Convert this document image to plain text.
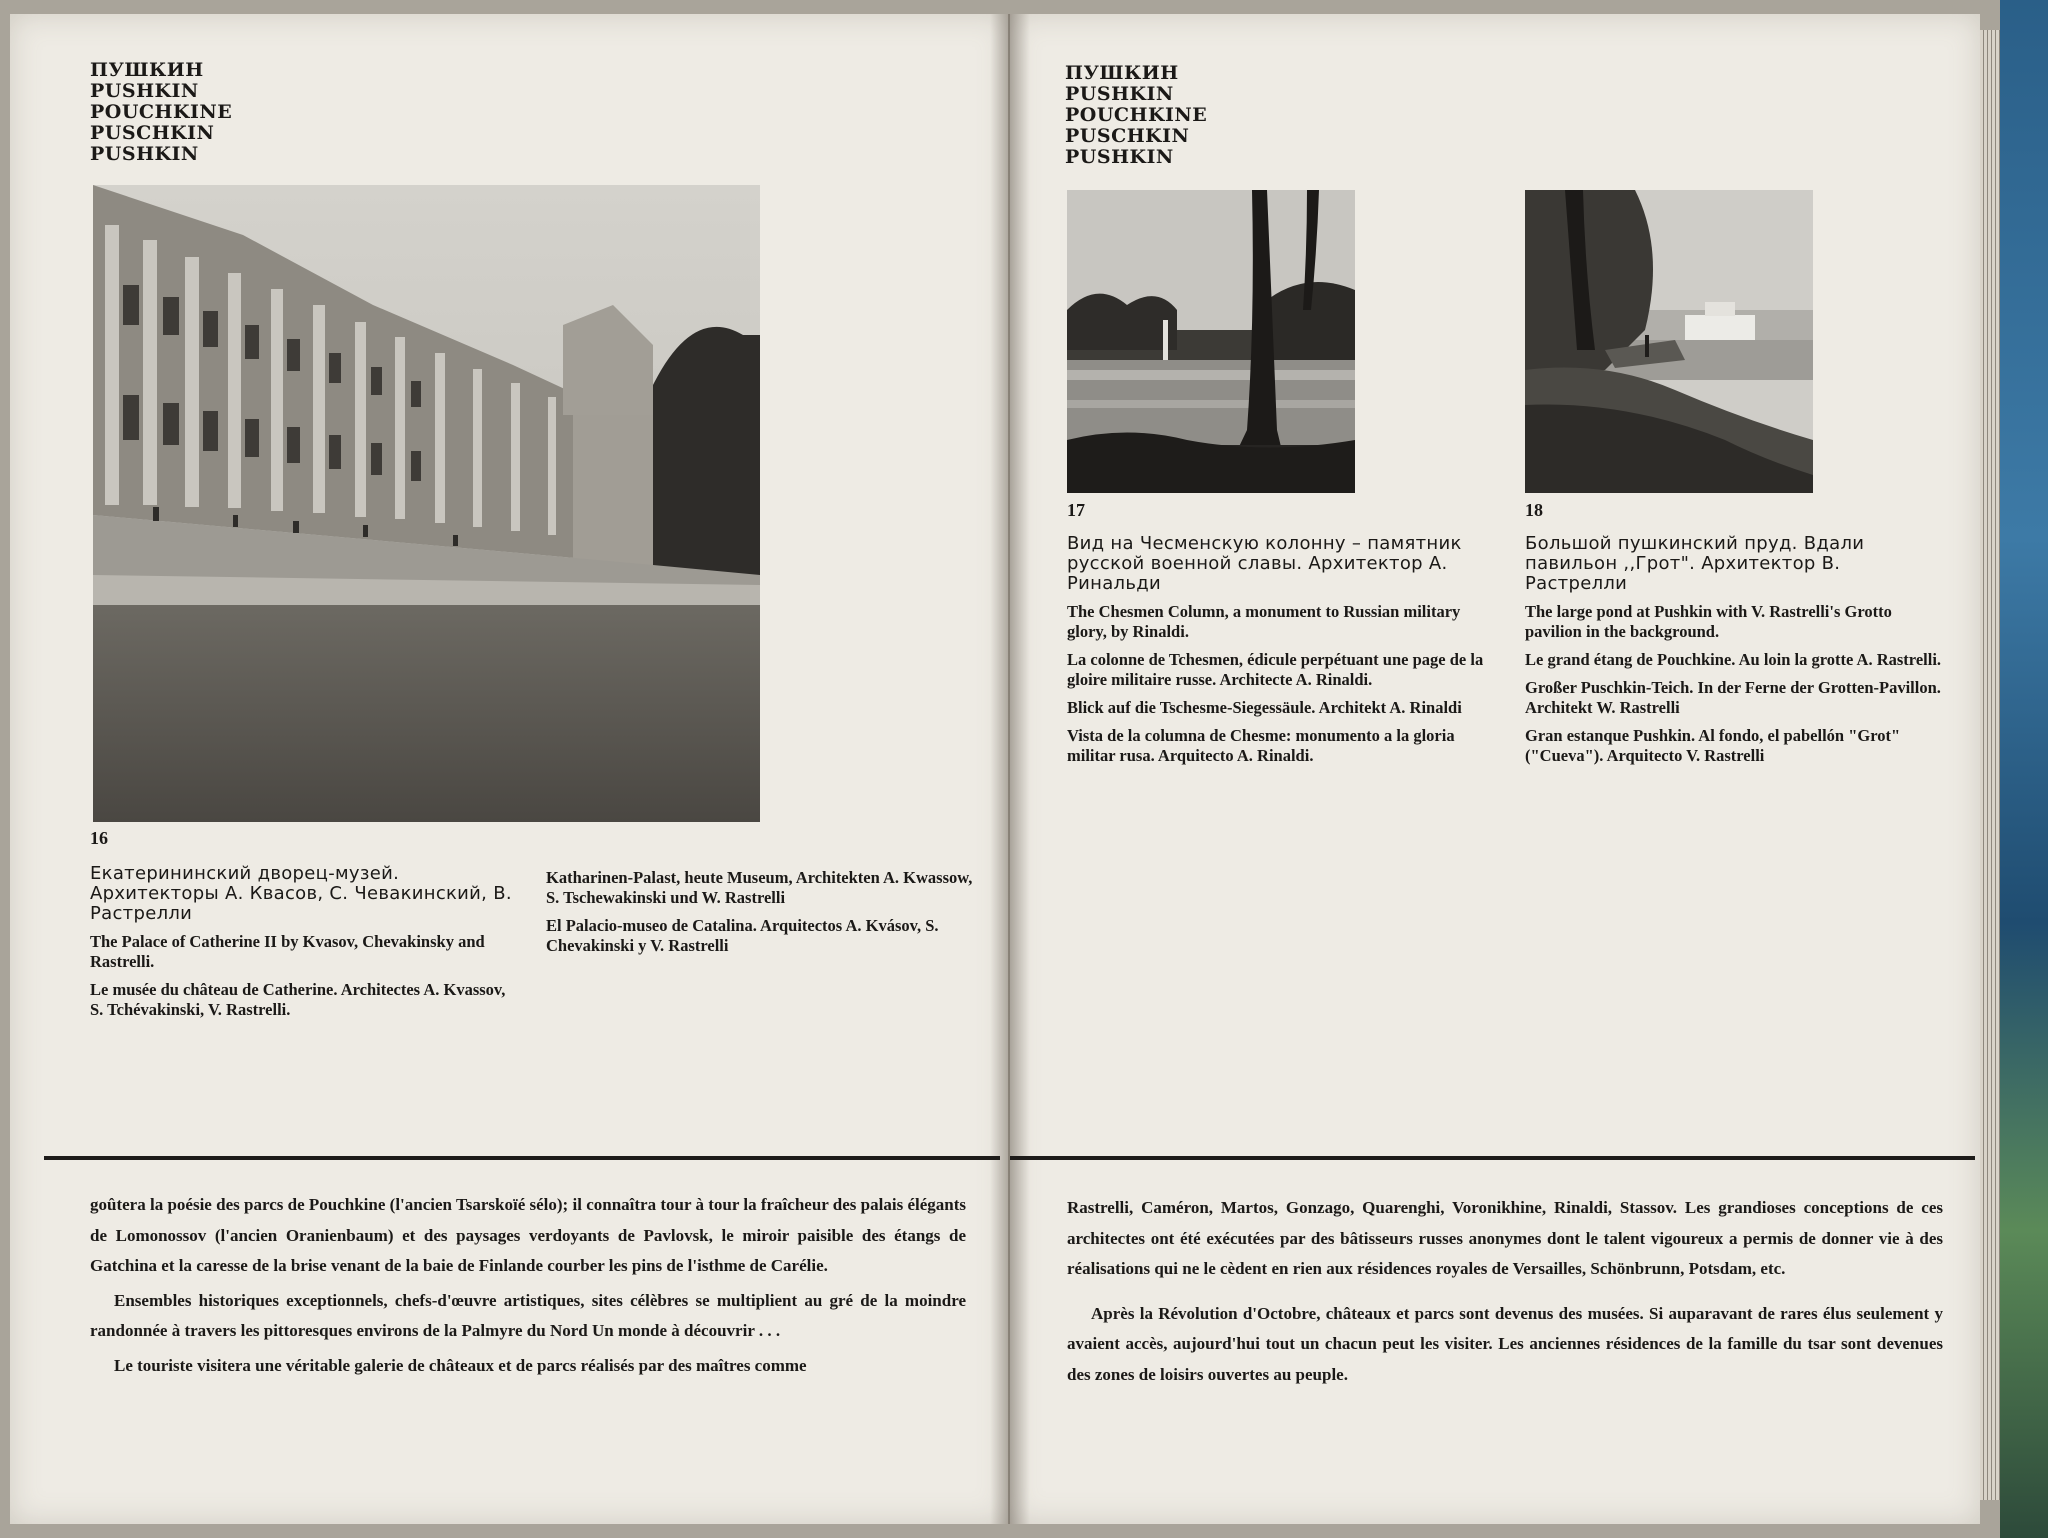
ПУШКИН
PUSHKIN
POUCHKINE
PUSCHKIN
PUSHKIN
16
Екатерининский дворец-музей. Архитекторы А. Квасов, С. Чевакинский, В. Растрелли
The Palace of Catherine II by Kvasov, Chevakinsky and Rastrelli.
Le musée du château de Catherine. Architectes A. Kvassov, S. Tchévakinski, V. Rastrelli.
Katharinen-Palast, heute Museum, Architekten A. Kwassow, S. Tschewakinski und W. Rastrelli
El Palacio-museo de Catalina. Arquitectos A. Kvásov, S. Chevakinski y V. Rastrelli

goûtera la poésie des parcs de Pouchkine (l'ancien Tsarskoïé sélo); il connaîtra tour à tour la fraîcheur des palais élégants de Lomonossov (l'ancien Oranienbaum) et des paysages verdoyants de Pavlovsk, le miroir paisible des étangs de Gatchina et la caresse de la brise venant de la baie de Finlande courber les pins de l'isthme de Carélie.

Ensembles historiques exceptionnels, chefs-d'œuvre artistiques, sites célèbres se multiplient au gré de la moindre randonnée à travers les pittoresques environs de la Palmyre du Nord Un monde à découvrir . . .

Le touriste visitera une véritable galerie de châteaux et de parcs réalisés par des maîtres comme

ПУШКИН
PUSHKIN
POUCHKINE
PUSCHKIN
PUSHKIN
17	18
Вид на Чесменскую колонну – памятник русской военной славы. Архитектор А. Ринальди
The Chesmen Column, a monument to Russian military glory, by Rinaldi.
La colonne de Tchesmen, édicule perpétuant une page de la gloire militaire russe. Architecte A. Rinaldi.
Blick auf die Tschesme-Siegessäule. Architekt A. Rinaldi
Vista de la columna de Chesme: monumento a la gloria militar rusa. Arquitecto A. Rinaldi.
Большой пушкинский пруд. Вдали павильон ,,Грот". Архитектор В. Растрелли
The large pond at Pushkin with V. Rastrelli's Grotto pavilion in the background.
Le grand étang de Pouchkine. Au loin la grotte A. Rastrelli.
Großer Puschkin-Teich. In der Ferne der Grotten-Pavillon. Architekt W. Rastrelli
Gran estanque Pushkin. Al fondo, el pabellón "Grot" ("Cueva"). Arquitecto V. Rastrelli

Rastrelli, Caméron, Martos, Gonzago, Quarenghi, Voronikhine, Rinaldi, Stassov. Les grandioses conceptions de ces architectes ont été exécutées par des bâtisseurs russes anonymes dont le talent vigoureux a permis de donner vie à des réalisations qui ne le cèdent en rien aux résidences royales de Versailles, Schönbrunn, Potsdam, etc.

Après la Révolution d'Octobre, châteaux et parcs sont devenus des musées. Si auparavant de rares élus seulement y avaient accès, aujourd'hui tout un chacun peut les visiter. Les anciennes résidences de la famille du tsar sont devenues des zones de loisirs ouvertes au peuple.
